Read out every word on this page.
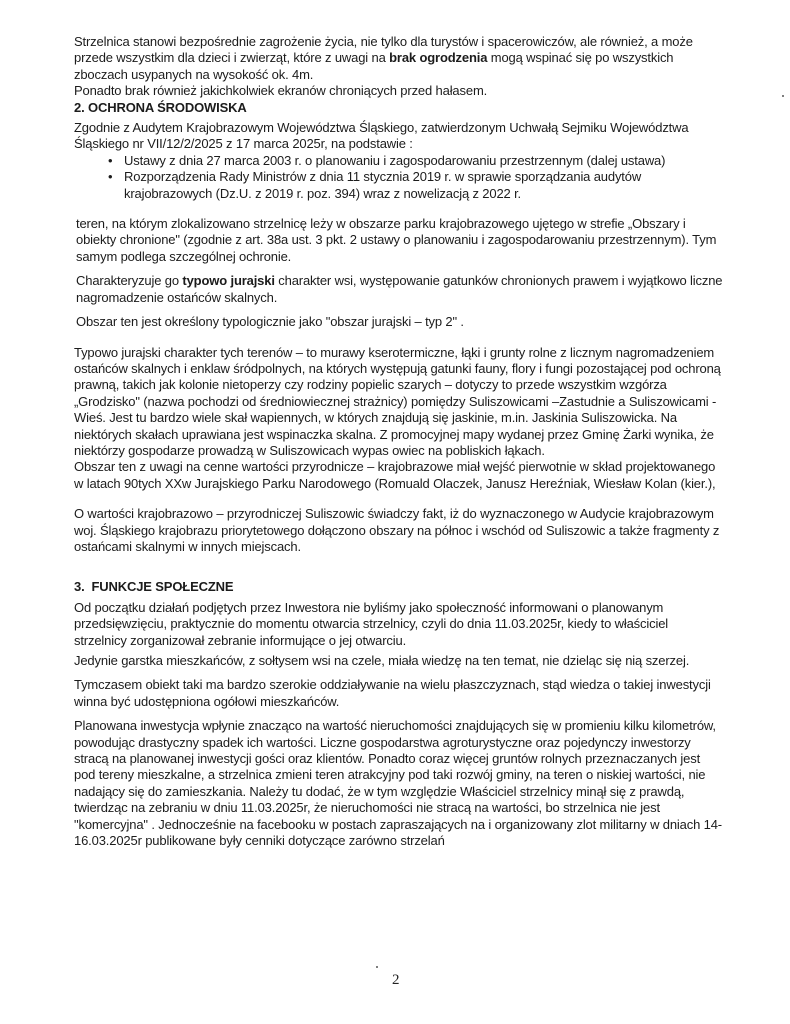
Strzelnica stanowi bezpośrednie zagrożenie życia, nie tylko dla turystów i spacerowiczów, ale również, a może przede wszystkim dla dzieci i zwierząt, które z uwagi na brak ogrodzenia mogą wspinać się po wszystkich zboczach usypanych na wysokość ok. 4m.

Ponadto brak również jakichkolwiek ekranów chroniących przed hałasem.

2. OCHRONA ŚRODOWISKA

Zgodnie z Audytem Krajobrazowym Województwa Śląskiego, zatwierdzonym Uchwałą Sejmiku Województwa Śląskiego nr VII/12/2/2025 z 17 marca 2025r, na podstawie :

• Ustawy z dnia 27 marca 2003 r. o planowaniu i zagospodarowaniu przestrzennym (dalej ustawa)
• Rozporządzenia Rady Ministrów z dnia 11 stycznia 2019 r. w sprawie sporządzania audytów krajobrazowych (Dz.U. z 2019 r. poz. 394) wraz z nowelizacją z 2022 r.

teren, na którym zlokalizowano strzelnicę leży w obszarze parku krajobrazowego ujętego w strefie „Obszary i obiekty chronione" (zgodnie z art. 38a ust. 3 pkt. 2 ustawy o planowaniu i zagospodarowaniu przestrzennym). Tym samym podlega szczególnej ochronie.

Charakteryzuje go typowo jurajski charakter wsi, występowanie gatunków chronionych prawem i wyjątkowo liczne nagromadzenie ostańców skalnych.

Obszar ten jest określony typologicznie jako "obszar jurajski – typ 2" .

Typowo jurajski charakter tych terenów – to murawy kserotermiczne, łąki i grunty rolne z licznym nagromadzeniem ostańców skalnych i enklaw śródpolnych, na których występują gatunki fauny, flory i fungi pozostającej pod ochroną prawną, takich jak kolonie nietoperzy czy rodziny popielic szarych – dotyczy to przede wszystkim wzgórza „Grodzisko" (nazwa pochodzi od średniowiecznej strażnicy) pomiędzy Suliszowicami –Zastudnie a Suliszowicami - Wieś. Jest tu bardzo wiele skał wapiennych, w których znajdują się jaskinie, m.in. Jaskinia Suliszowicka. Na niektórych skałach uprawiana jest wspinaczka skalna. Z promocyjnej mapy wydanej przez Gminę Żarki wynika, że niektórzy gospodarze prowadzą w Suliszowicach wypas owiec na pobliskich łąkach.

Obszar ten z uwagi na cenne wartości przyrodnicze – krajobrazowe miał wejść pierwotnie w skład projektowanego w latach 90tych XXw Jurajskiego Parku Narodowego (Romuald Olaczek, Janusz Hereźniak, Wiesław Kolan (kier.),

O wartości krajobrazowo – przyrodniczej Suliszowic świadczy fakt, iż do wyznaczonego w Audycie krajobrazowym woj. Śląskiego krajobrazu priorytetowego dołączono obszary na północ i wschód od Suliszowic a także fragmenty z ostańcami skalnymi w innych miejscach.

3. FUNKCJE SPOŁECZNE

Od początku działań podjętych przez Inwestora nie byliśmy jako społeczność informowani o planowanym przedsięwzięciu, praktycznie do momentu otwarcia strzelnicy, czyli do dnia 11.03.2025r, kiedy to właściciel strzelnicy zorganizował zebranie informujące o jej otwarciu.

Jedynie garstka mieszkańców, z sołtysem wsi na czele, miała wiedzę na ten temat, nie dzieląc się nią szerzej.

Tymczasem obiekt taki ma bardzo szerokie oddziaływanie na wielu płaszczyznach, stąd wiedza o takiej inwestycji winna być udostępniona ogółowi mieszkańców.

Planowana inwestycja wpłynie znacząco na wartość nieruchomości znajdujących się w promieniu kilku kilometrów, powodując drastyczny spadek ich wartości. Liczne gospodarstwa agroturystyczne oraz pojedynczy inwestorzy stracą na planowanej inwestycji gości oraz klientów. Ponadto coraz więcej gruntów rolnych przeznaczanych jest pod tereny mieszkalne, a strzelnica zmieni teren atrakcyjny pod taki rozwój gminy, na teren o niskiej wartości, nie nadający się do zamieszkania. Należy tu dodać, że w tym względzie Właściciel strzelnicy minął się z prawdą, twierdząc na zebraniu w dniu 11.03.2025r, że nieruchomości nie stracą na wartości, bo strzelnica nie jest "komercyjna" . Jednocześnie na facebooku w postach zapraszających na i organizowany zlot militarny w dniach 14-16.03.2025r publikowane były cenniki dotyczące zarówno strzelań

2
